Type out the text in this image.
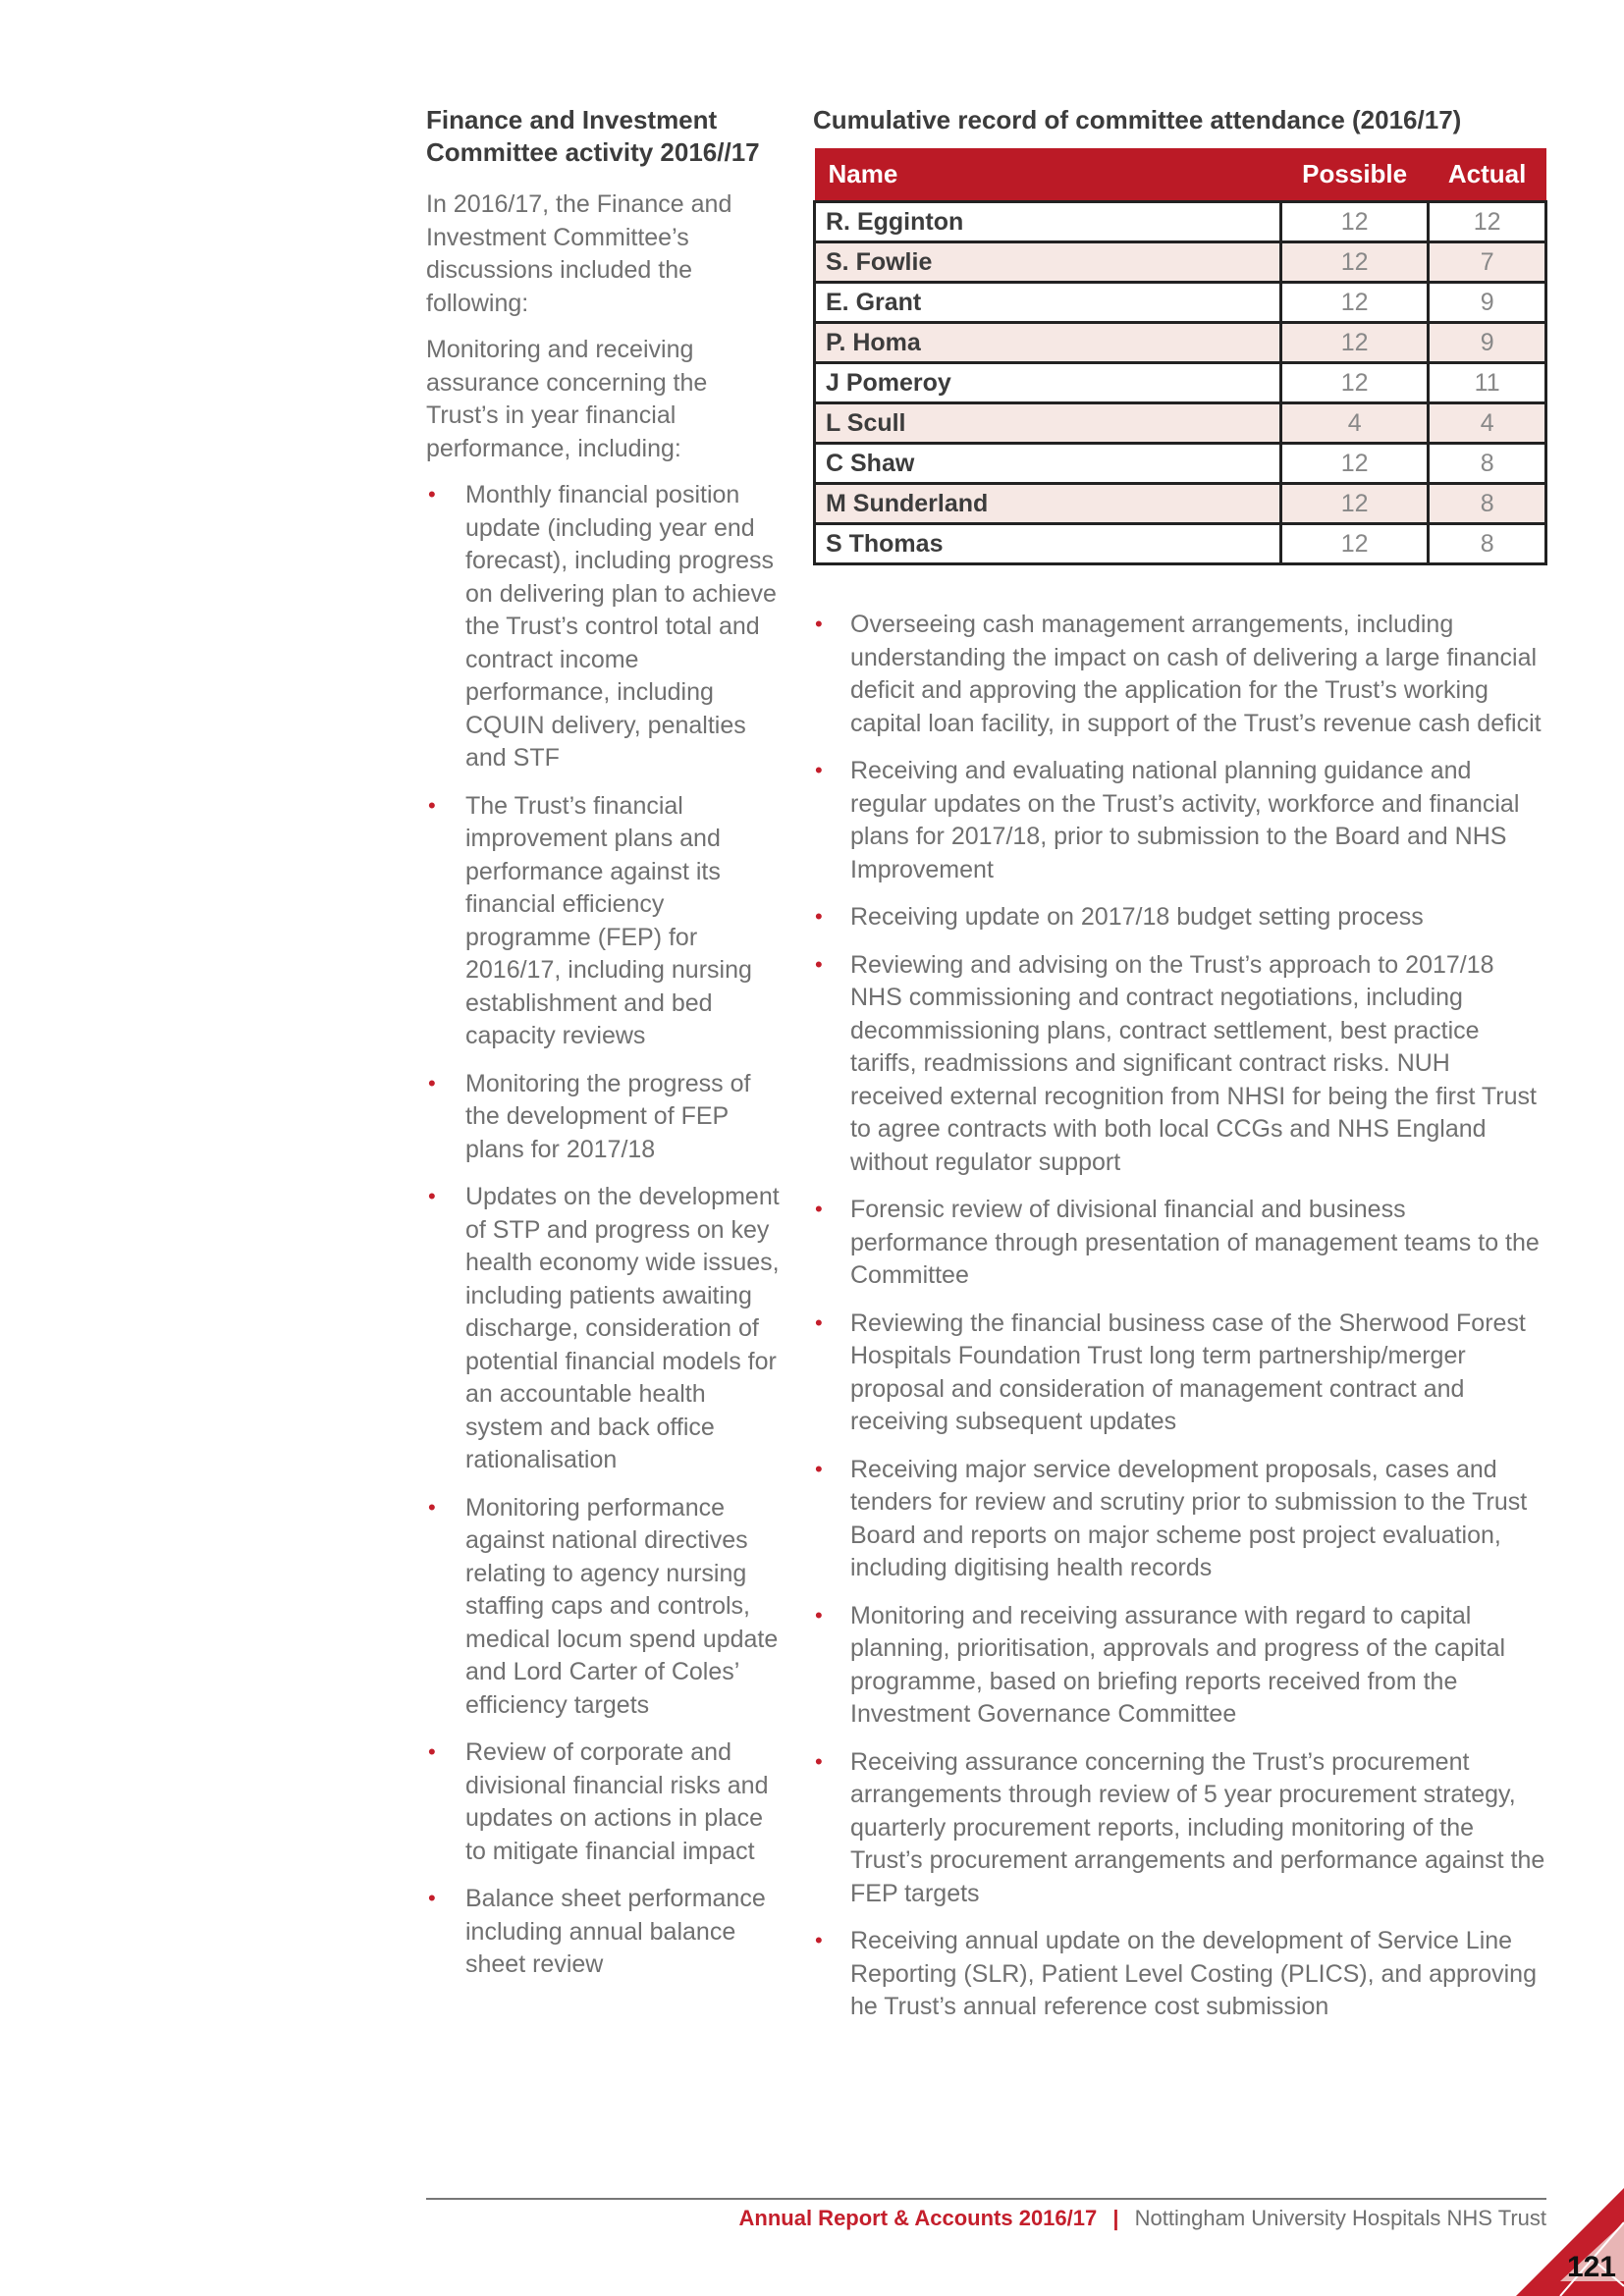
Finance and Investment Committee activity 2016//17

In 2016/17, the Finance and Investment Committee’s discussions included the following:

Monitoring and receiving assurance concerning the Trust’s in year financial performance, including:

• Monthly financial position update (including year end forecast), including progress on delivering plan to achieve the Trust’s control total and contract income performance, including CQUIN delivery, penalties and STF
• The Trust’s financial improvement plans and performance against its financial efficiency programme (FEP) for 2016/17, including nursing establishment and bed capacity reviews
• Monitoring the progress of the development of FEP plans for 2017/18
• Updates on the development of STP and progress on key health economy wide issues, including patients awaiting discharge, consideration of potential financial models for an accountable health system and back office rationalisation
• Monitoring performance against national directives relating to agency nursing staffing caps and controls, medical locum spend update and Lord Carter of Coles’ efficiency targets
• Review of corporate and divisional financial risks and updates on actions in place to mitigate financial impact
• Balance sheet performance including annual balance sheet review
Cumulative record of committee attendance (2016/17)
Name	Possible	Actual
R. Egginton	12	12
S. Fowlie	12	7
E. Grant	12	9
P. Homa	12	9
J Pomeroy	12	11
L Scull	4	4
C Shaw	12	8
M Sunderland	12	8
S Thomas	12	8
• Overseeing cash management arrangements, including understanding the impact on cash of delivering a large financial deficit and approving the application for the Trust’s working capital loan facility, in support of the Trust’s revenue cash deficit
• Receiving and evaluating national planning guidance and regular updates on the Trust’s activity, workforce and financial plans for 2017/18, prior to submission to the Board and NHS Improvement
• Receiving update on 2017/18 budget setting process
• Reviewing and advising on the Trust’s approach to 2017/18 NHS commissioning and contract negotiations, including decommissioning plans, contract settlement, best practice tariffs, readmissions and significant contract risks. NUH received external recognition from NHSI for being the first Trust to agree contracts with both local CCGs and NHS England without regulator support
• Forensic review of divisional financial and business performance through presentation of management teams to the Committee
• Reviewing the financial business case of the Sherwood Forest Hospitals Foundation Trust long term partnership/merger proposal and consideration of management contract and receiving subsequent updates
• Receiving major service development proposals, cases and tenders for review and scrutiny prior to submission to the Trust Board and reports on major scheme post project evaluation, including digitising health records
• Monitoring and receiving assurance with regard to capital planning, prioritisation, approvals and progress of the capital programme, based on briefing reports received from the Investment Governance Committee
• Receiving assurance concerning the Trust’s procurement arrangements through review of 5 year procurement strategy, quarterly procurement reports, including monitoring of the Trust’s procurement arrangements and performance against the FEP targets
• Receiving annual update on the development of Service Line Reporting (SLR), Patient Level Costing (PLICS), and approving he Trust’s annual reference cost submission
Annual Report & Accounts 2016/17 | Nottingham University Hospitals NHS Trust
121
